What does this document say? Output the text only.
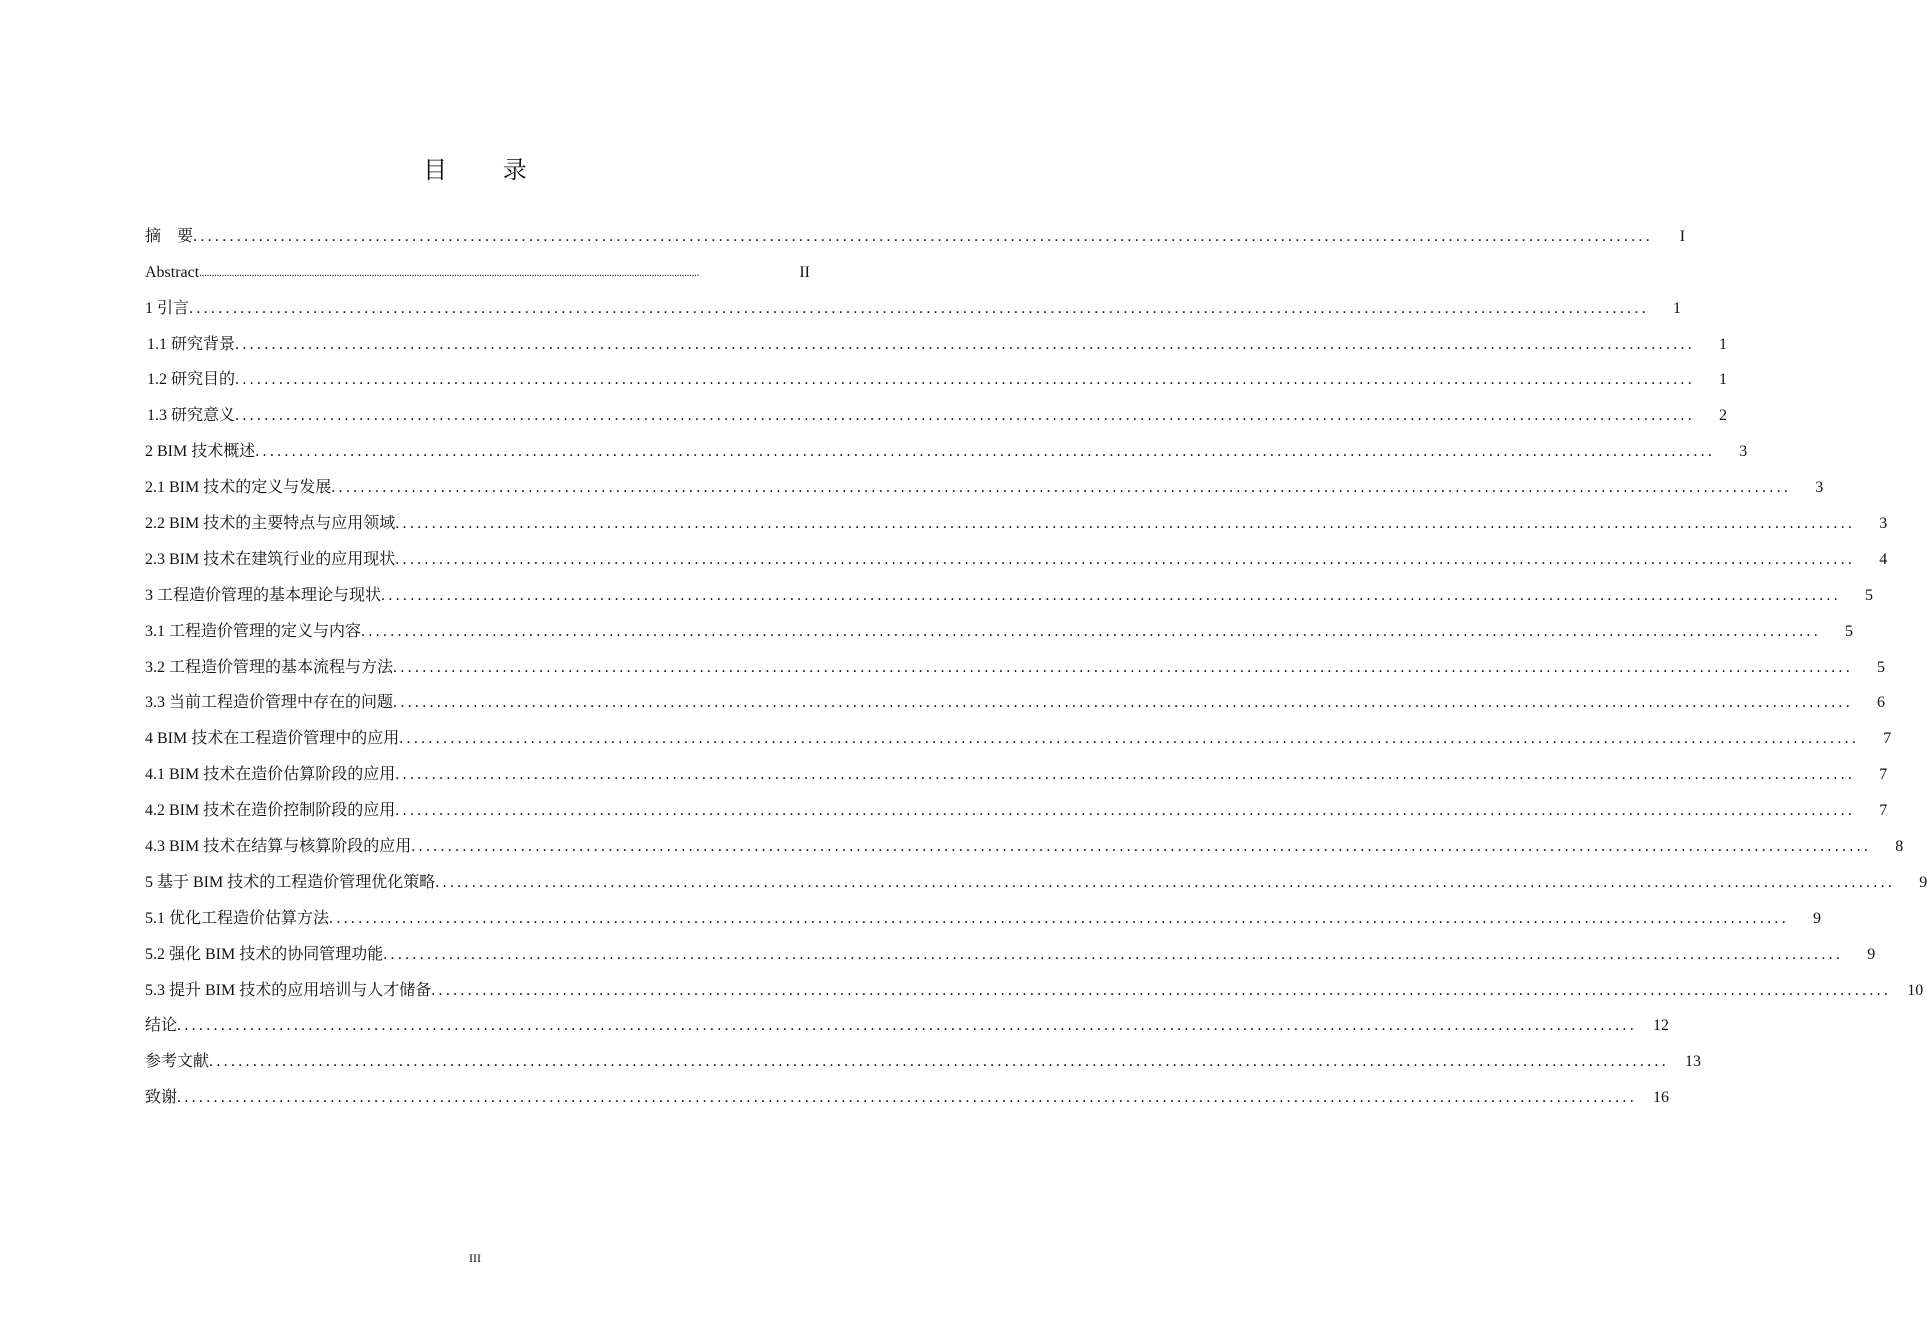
目 录
摘　要 ........................................................................................................................................................................................................	I
Abstract ........................................................................................................................................................................................................	II
1 引言 ........................................................................................................................................................................................................	1
1.1 研究背景 ........................................................................................................................................................................................................	1
1.2 研究目的 ........................................................................................................................................................................................................	1
1.3 研究意义 ........................................................................................................................................................................................................	2
2 BIM 技术概述 ........................................................................................................................................................................................................	3
2.1 BIM 技术的定义与发展 ........................................................................................................................................................................................................	3
2.2 BIM 技术的主要特点与应用领域 ........................................................................................................................................................................................................	3
2.3 BIM 技术在建筑行业的应用现状 ........................................................................................................................................................................................................	4
3 工程造价管理的基本理论与现状 ........................................................................................................................................................................................................	5
3.1 工程造价管理的定义与内容 ........................................................................................................................................................................................................	5
3.2 工程造价管理的基本流程与方法 ........................................................................................................................................................................................................	5
3.3 当前工程造价管理中存在的问题 ........................................................................................................................................................................................................	6
4 BIM 技术在工程造价管理中的应用 ........................................................................................................................................................................................................	7
4.1 BIM 技术在造价估算阶段的应用 ........................................................................................................................................................................................................	7
4.2 BIM 技术在造价控制阶段的应用 ........................................................................................................................................................................................................	7
4.3 BIM 技术在结算与核算阶段的应用 ........................................................................................................................................................................................................	8
5 基于 BIM 技术的工程造价管理优化策略 ........................................................................................................................................................................................................	9
5.1 优化工程造价估算方法 ........................................................................................................................................................................................................	9
5.2 强化 BIM 技术的协同管理功能 ........................................................................................................................................................................................................	9
5.3 提升 BIM 技术的应用培训与人才储备 ........................................................................................................................................................................................................	10
结论 ........................................................................................................................................................................................................	12
参考文献 ........................................................................................................................................................................................................	13
致谢 ........................................................................................................................................................................................................	16
III
